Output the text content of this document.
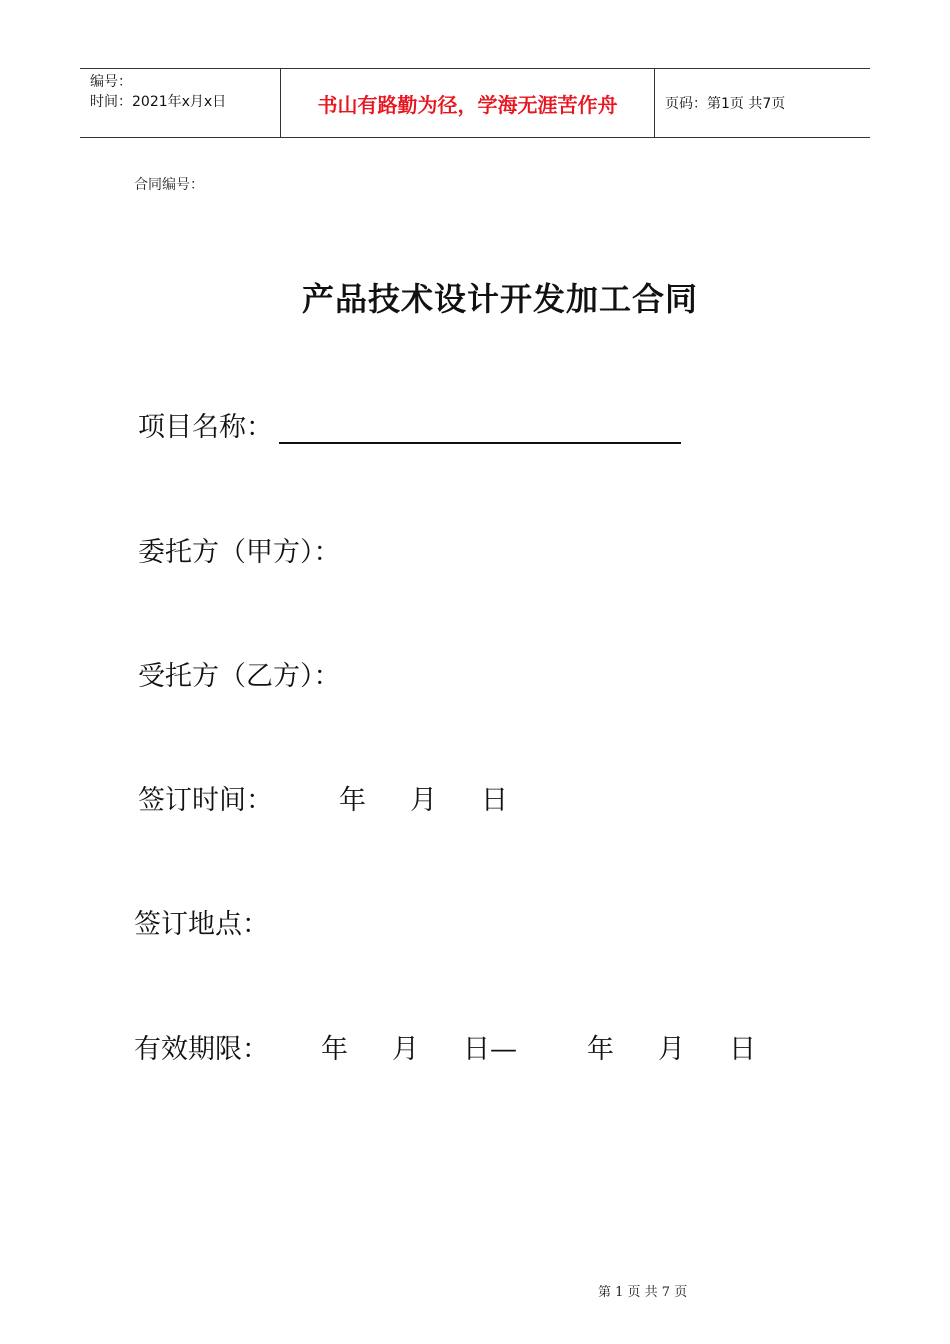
编号：
时间：2021年x月x日	书山有路勤为径，学海无涯苦作舟	页码：第1页 共7页
合同编号：
产品技术设计开发加工合同
项目名称：
委托方（甲方）：
受托方（乙方）：
签订时间： 年 月 日
签订地点：
有效期限： 年 月 日—	年 月 日
第 1 页 共 7 页
